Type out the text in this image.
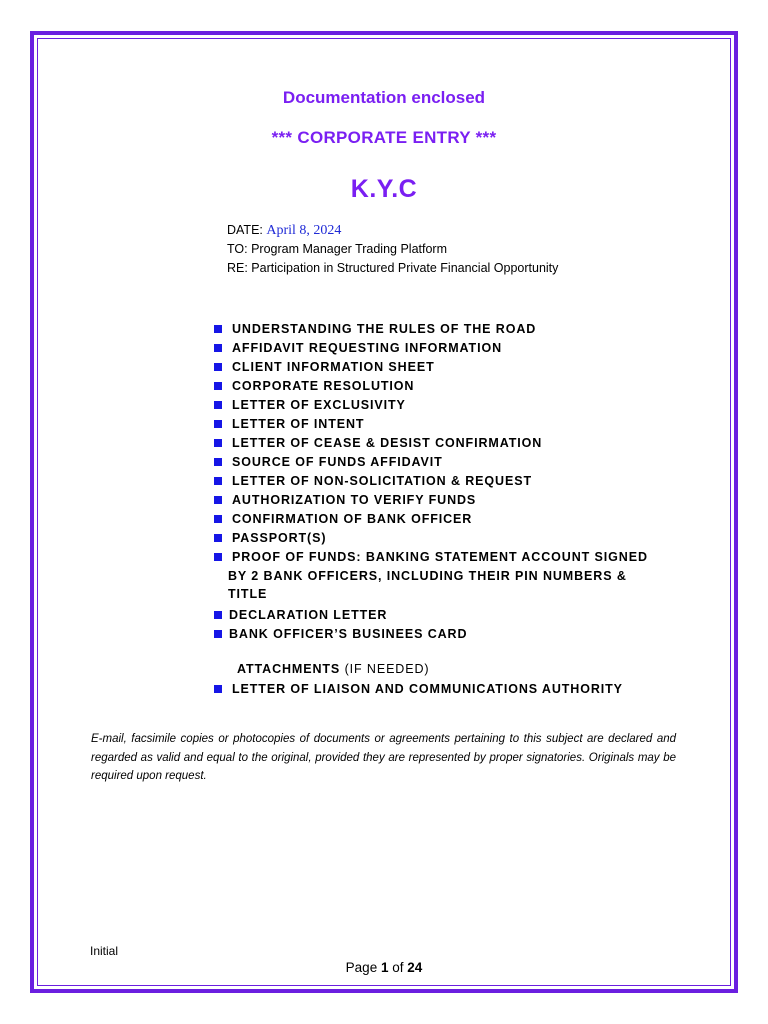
Documentation enclosed
*** CORPORATE ENTRY ***
K.Y.C
DATE: April 8, 2024
TO: Program Manager Trading Platform
RE: Participation in Structured Private Financial Opportunity
UNDERSTANDING THE RULES OF THE ROAD
AFFIDAVIT REQUESTING INFORMATION
CLIENT INFORMATION SHEET
CORPORATE RESOLUTION
LETTER OF EXCLUSIVITY
LETTER OF INTENT
LETTER OF CEASE & DESIST CONFIRMATION
SOURCE OF FUNDS AFFIDAVIT
LETTER OF NON-SOLICITATION & REQUEST
AUTHORIZATION TO VERIFY FUNDS
CONFIRMATION OF BANK OFFICER
PASSPORT(S)
PROOF OF FUNDS: BANKING STATEMENT ACCOUNT SIGNED
BY 2 BANK OFFICERS, INCLUDING THEIR PIN NUMBERS &
TITLE
DECLARATION LETTER
BANK OFFICER’S BUSINEES CARD
ATTACHMENTS (IF NEEDED)
LETTER OF LIAISON AND COMMUNICATIONS AUTHORITY

E-mail, facsimile copies or photocopies of documents or agreements pertaining to this subject are declared and regarded as valid and equal to the original, provided they are represented by proper signatories. Originals may be required upon request.

Initial
Page 1 of 24
